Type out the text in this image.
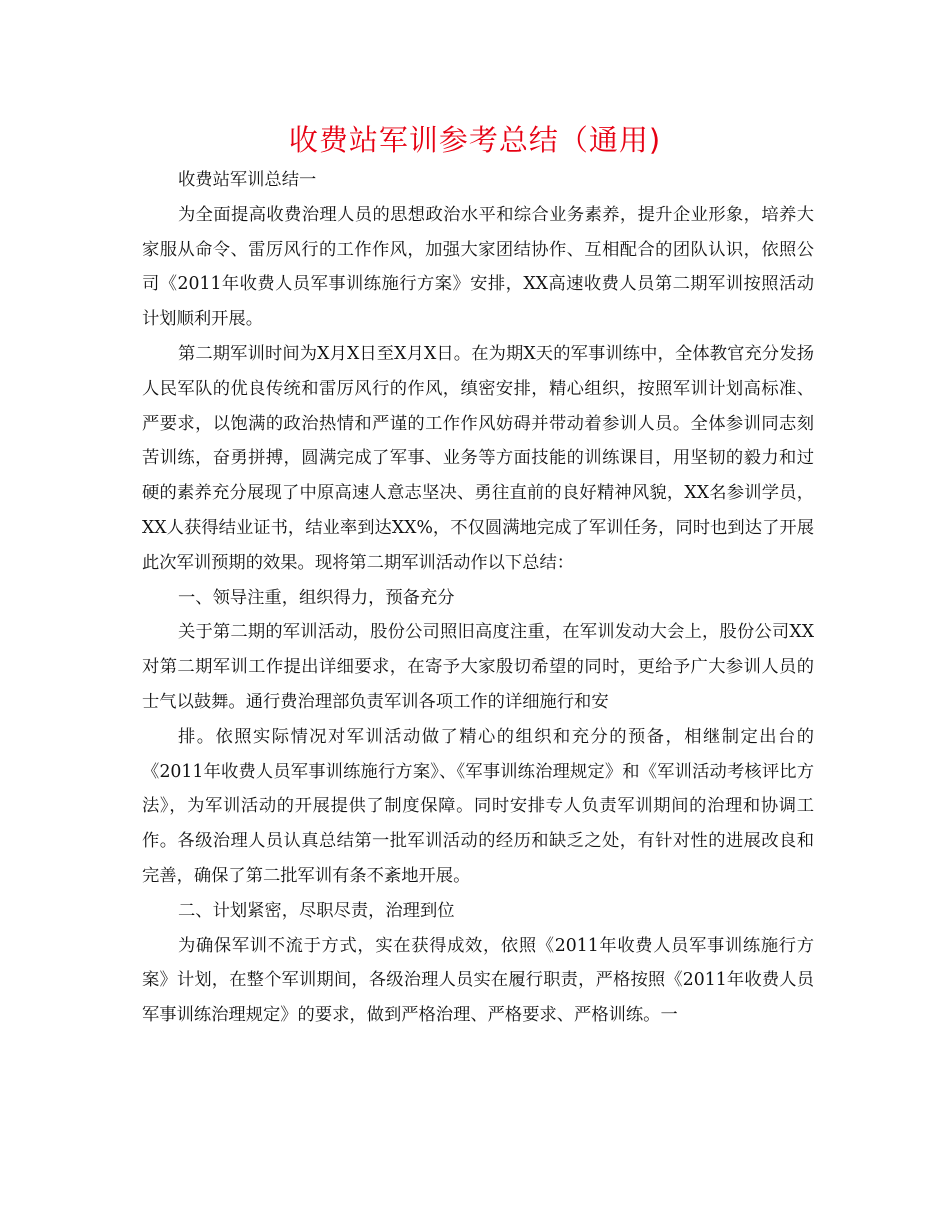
收费站军训参考总结（通用)

收费站军训总结一

为全面提高收费治理人员的思想政治水平和综合业务素养，提升企业形象，培养大家服从命令、雷厉风行的工作作风，加强大家团结协作、互相配合的团队认识，依照公司《2011年收费人员军事训练施行方案》安排，XX高速收费人员第二期军训按照活动计划顺利开展。

第二期军训时间为X月X日至X月X日。在为期X天的军事训练中，全体教官充分发扬人民军队的优良传统和雷厉风行的作风，缜密安排，精心组织，按照军训计划高标准、严要求，以饱满的政治热情和严谨的工作作风妨碍并带动着参训人员。全体参训同志刻苦训练，奋勇拼搏，圆满完成了军事、业务等方面技能的训练课目，用坚韧的毅力和过硬的素养充分展现了中原高速人意志坚决、勇往直前的良好精神风貌，XX名参训学员，XX人获得结业证书，结业率到达XX%，不仅圆满地完成了军训任务，同时也到达了开展此次军训预期的效果。现将第二期军训活动作以下总结：

一、领导注重，组织得力，预备充分

关于第二期的军训活动，股份公司照旧高度注重，在军训发动大会上，股份公司XX对第二期军训工作提出详细要求，在寄予大家殷切希望的同时，更给予广大参训人员的士气以鼓舞。通行费治理部负责军训各项工作的详细施行和安

排。依照实际情况对军训活动做了精心的组织和充分的预备，相继制定出台的《2011年收费人员军事训练施行方案》、《军事训练治理规定》和《军训活动考核评比方法》，为军训活动的开展提供了制度保障。同时安排专人负责军训期间的治理和协调工作。各级治理人员认真总结第一批军训活动的经历和缺乏之处，有针对性的进展改良和完善，确保了第二批军训有条不紊地开展。

二、计划紧密，尽职尽责，治理到位

为确保军训不流于方式，实在获得成效，依照《2011年收费人员军事训练施行方案》计划，在整个军训期间，各级治理人员实在履行职责，严格按照《2011年收费人员军事训练治理规定》的要求，做到严格治理、严格要求、严格训练。一
